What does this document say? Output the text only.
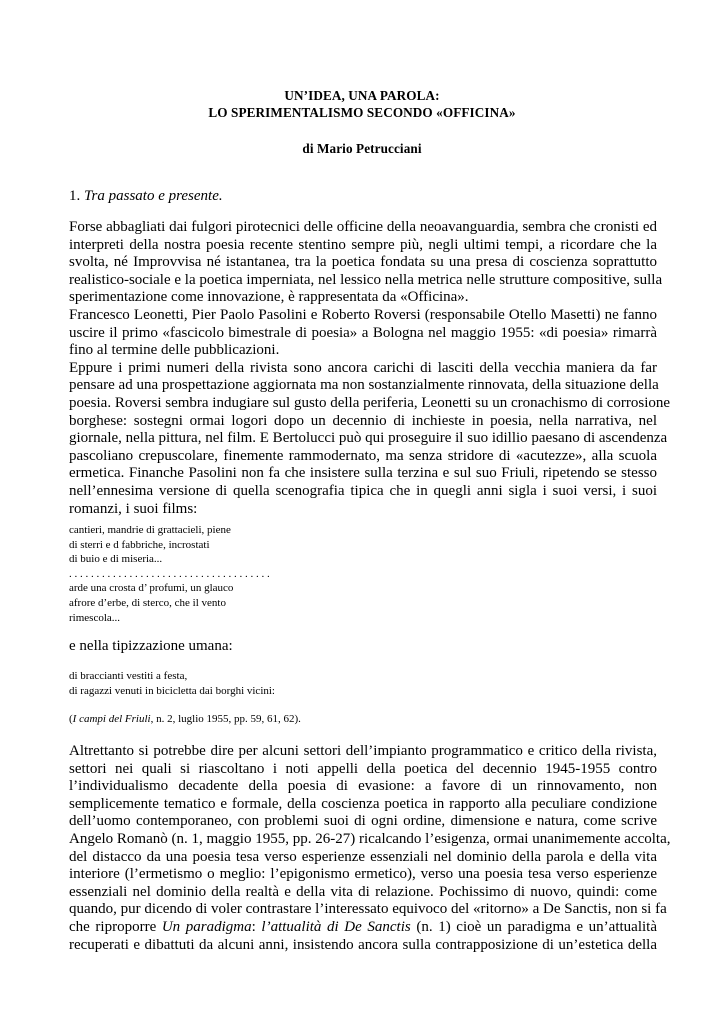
UN’IDEA, UNA PAROLA:
LO SPERIMENTALISMO SECONDO «OFFICINA»
di Mario Petrucciani
1. Tra passato e presente.
Forse abbagliati dai fulgori pirotecnici delle officine della neoavanguardia, sembra che cronisti ed
interpreti della nostra poesia recente stentino sempre più, negli ultimi tempi, a ricordare che la
svolta, né Improvvisa né istantanea, tra la poetica fondata su una presa di coscienza soprattutto
realistico-sociale e la poetica imperniata, nel lessico nella metrica nelle strutture compositive, sulla
sperimentazione come innovazione, è rappresentata da «Officina».
Francesco Leonetti, Pier Paolo Pasolini e Roberto Roversi (responsabile Otello Masetti) ne fanno
uscire il primo «fascicolo bimestrale di poesia» a Bologna nel maggio 1955: «di poesia» rimarrà
fino al termine delle pubblicazioni.
Eppure i primi numeri della rivista sono ancora carichi di lasciti della vecchia maniera da far
pensare ad una prospettazione aggiornata ma non sostanzialmente rinnovata, della situazione della
poesia. Roversi sembra indugiare sul gusto della periferia, Leonetti su un cronachismo di corrosione
borghese: sostegni ormai logori dopo un decennio di inchieste in poesia, nella narrativa, nel
giornale, nella pittura, nel film. E Bertolucci può qui proseguire il suo idillio paesano di ascendenza
pascoliano crepuscolare, finemente rammodernato, ma senza stridore di «acutezze», alla scuola
ermetica. Finanche Pasolini non fa che insistere sulla terzina e sul suo Friuli, ripetendo se stesso
nell’ennesima versione di quella scenografia tipica che in quegli anni sigla i suoi versi, i suoi
romanzi, i suoi films:
cantieri, mandrie di grattacieli, piene
di sterri e d fabbriche, incrostati
di buio e di miseria...
. . . . . . . . . . . . . . . . . . . . . . . . . . . . . . . . . . . . .
arde una crosta d’ profumi, un glauco
afrore d’erbe, di sterco, che il vento
rimescola...
e nella tipizzazione umana:
di braccianti vestiti a festa,
di ragazzi venuti in bicicletta dai borghi vicini:
(I campi del Friuli, n. 2, luglio 1955, pp. 59, 61, 62).
Altrettanto si potrebbe dire per alcuni settori dell’impianto programmatico e critico della rivista,
settori nei quali si riascoltano i noti appelli della poetica del decennio 1945-1955 contro
l’individualismo decadente della poesia di evasione: a favore di un rinnovamento, non
semplicemente tematico e formale, della coscienza poetica in rapporto alla peculiare condizione
dell’uomo contemporaneo, con problemi suoi di ogni ordine, dimensione e natura, come scrive
Angelo Romanò (n. 1, maggio 1955, pp. 26-27) ricalcando l’esigenza, ormai unanimemente accolta,
del distacco da una poesia tesa verso esperienze essenziali nel dominio della parola e della vita
interiore (l’ermetismo o meglio: l’epigonismo ermetico), verso una poesia tesa verso esperienze
essenziali nel dominio della realtà e della vita di relazione. Pochissimo di nuovo, quindi: come
quando, pur dicendo di voler contrastare l’interessato equivoco del «ritorno» a De Sanctis, non si fa
che riproporre Un paradigma: l’attualità di De Sanctis (n. 1) cioè un paradigma e un’attualità
recuperati e dibattuti da alcuni anni, insistendo ancora sulla contrapposizione di un’estetica della
